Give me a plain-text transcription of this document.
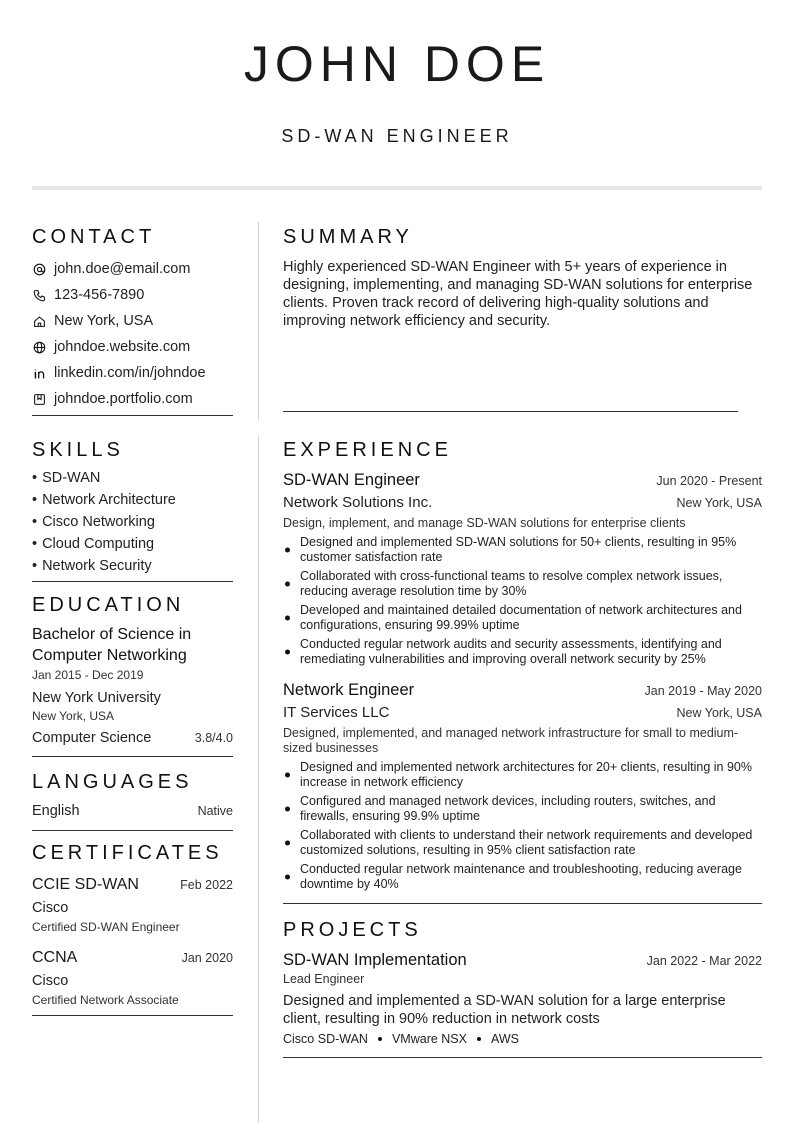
JOHN DOE
SD-WAN ENGINEER
CONTACT
john.doe@email.com
123-456-7890
New York, USA
johndoe.website.com
linkedin.com/in/johndoe
johndoe.portfolio.com
SKILLS
• SD-WAN
• Network Architecture
• Cisco Networking
• Cloud Computing
• Network Security
EDUCATION
Bachelor of Science in Computer Networking
Jan 2015 - Dec 2019
New York University
New York, USA
Computer Science	3.8/4.0
LANGUAGES
English	Native
CERTIFICATES
CCIE SD-WAN	Feb 2022
Cisco
Certified SD-WAN Engineer
CCNA	Jan 2020
Cisco
Certified Network Associate
SUMMARY
Highly experienced SD-WAN Engineer with 5+ years of experience in designing, implementing, and managing SD-WAN solutions for enterprise clients. Proven track record of delivering high-quality solutions and improving network efficiency and security.
EXPERIENCE
SD-WAN Engineer	Jun 2020 - Present
Network Solutions Inc.	New York, USA
Design, implement, and manage SD-WAN solutions for enterprise clients
Designed and implemented SD-WAN solutions for 50+ clients, resulting in 95% customer satisfaction rate
Collaborated with cross-functional teams to resolve complex network issues, reducing average resolution time by 30%
Developed and maintained detailed documentation of network architectures and configurations, ensuring 99.99% uptime
Conducted regular network audits and security assessments, identifying and remediating vulnerabilities and improving overall network security by 25%
Network Engineer	Jan 2019 - May 2020
IT Services LLC	New York, USA
Designed, implemented, and managed network infrastructure for small to medium-sized businesses
Designed and implemented network architectures for 20+ clients, resulting in 90% increase in network efficiency
Configured and managed network devices, including routers, switches, and firewalls, ensuring 99.9% uptime
Collaborated with clients to understand their network requirements and developed customized solutions, resulting in 95% client satisfaction rate
Conducted regular network maintenance and troubleshooting, reducing average downtime by 40%
PROJECTS
SD-WAN Implementation	Jan 2022 - Mar 2022
Lead Engineer
Designed and implemented a SD-WAN solution for a large enterprise client, resulting in 90% reduction in network costs
Cisco SD-WAN VMware NSX AWS
